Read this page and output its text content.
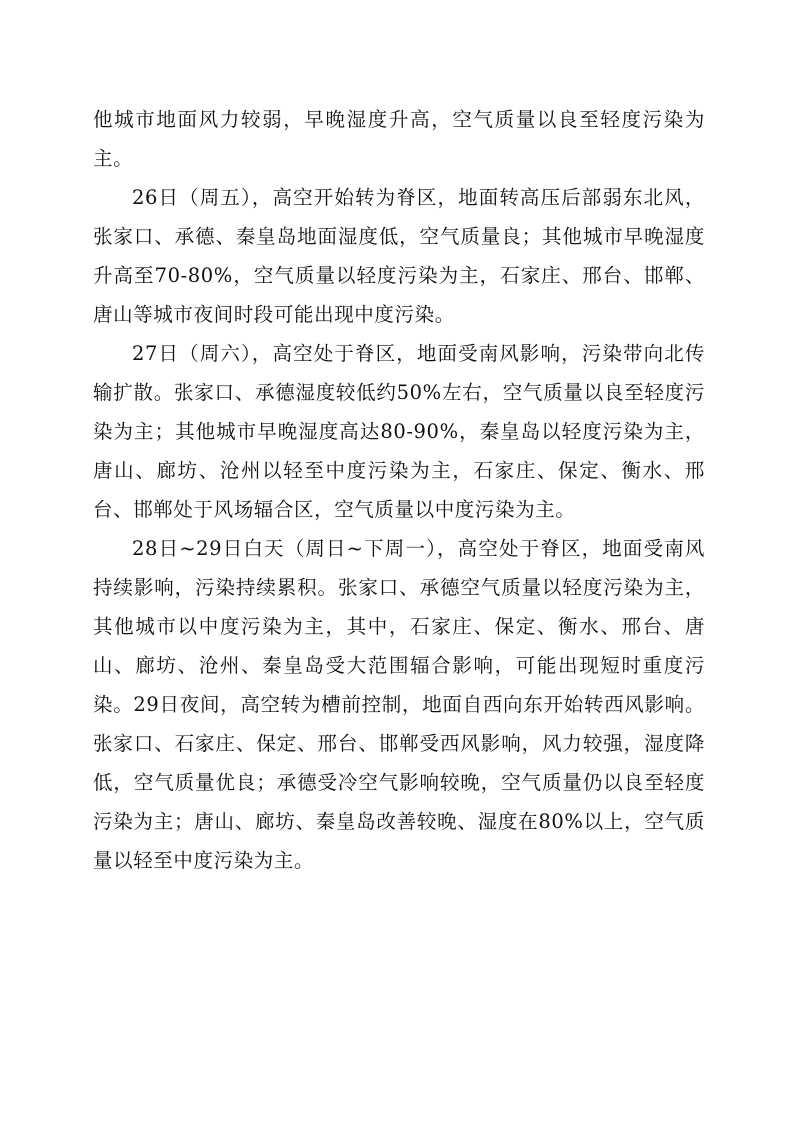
他城市地面风力较弱，早晚湿度升高，空气质量以良至轻度污染为主。

26日（周五），高空开始转为脊区，地面转高压后部弱东北风，张家口、承德、秦皇岛地面湿度低，空气质量良；其他城市早晚湿度升高至70-80%，空气质量以轻度污染为主，石家庄、邢台、邯郸、唐山等城市夜间时段可能出现中度污染。

27日（周六），高空处于脊区，地面受南风影响，污染带向北传输扩散。张家口、承德湿度较低约50%左右，空气质量以良至轻度污染为主；其他城市早晚湿度高达80-90%，秦皇岛以轻度污染为主，唐山、廊坊、沧州以轻至中度污染为主，石家庄、保定、衡水、邢台、邯郸处于风场辐合区，空气质量以中度污染为主。

28日~29日白天（周日~下周一），高空处于脊区，地面受南风持续影响，污染持续累积。张家口、承德空气质量以轻度污染为主，其他城市以中度污染为主，其中，石家庄、保定、衡水、邢台、唐山、廊坊、沧州、秦皇岛受大范围辐合影响，可能出现短时重度污染。29日夜间，高空转为槽前控制，地面自西向东开始转西风影响。张家口、石家庄、保定、邢台、邯郸受西风影响，风力较强，湿度降低，空气质量优良；承德受冷空气影响较晚，空气质量仍以良至轻度污染为主；唐山、廊坊、秦皇岛改善较晚、湿度在80%以上，空气质量以轻至中度污染为主。
